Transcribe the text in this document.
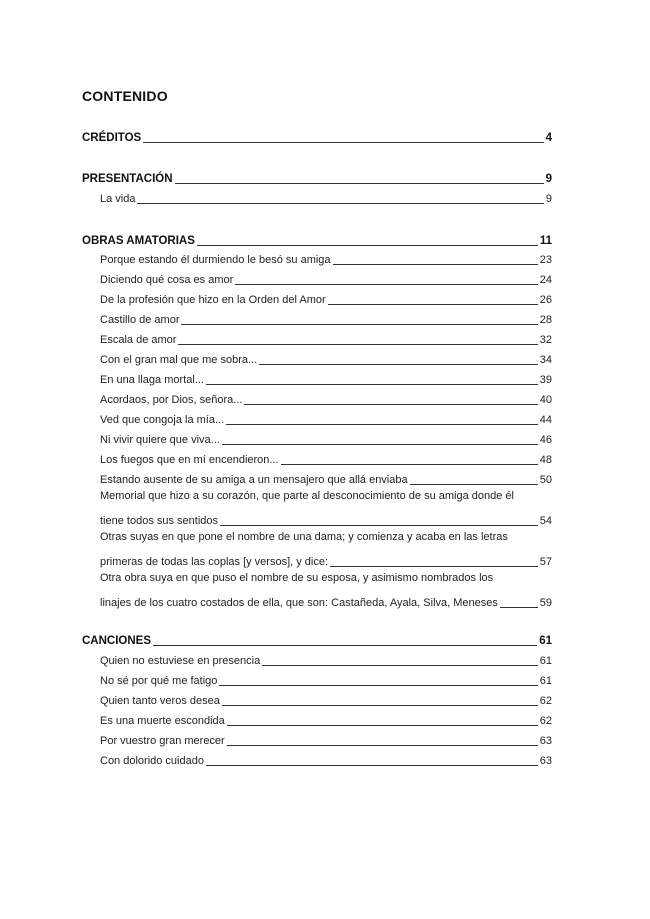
CONTENIDO
CRÉDITOS	4
PRESENTACIÓN	9
La vida	9
OBRAS AMATORIAS	11
Porque estando él durmiendo le besó su amiga	23
Diciendo qué cosa es amor	24
De la profesión que hizo en la Orden del Amor	26
Castillo de amor	28
Escala de amor	32
Con el gran mal que me sobra...	34
En una llaga mortal...	39
Acordaos, por Dios, señora...	40
Ved que congoja la mía...	44
Ni vivir quiere que viva...	46
Los fuegos que en mí encendieron...	48
Estando ausente de su amiga a un mensajero que allá enviaba	50
Memorial que hizo a su corazón, que parte al desconocimiento de su amiga donde él
tiene todos sus sentidos	54
Otras suyas en que pone el nombre de una dama; y comienza y acaba en las letras
primeras de todas las coplas [y versos], y dice:	57
Otra obra suya en que puso el nombre de su esposa, y asimismo nombrados los
linajes de los cuatro costados de ella, que son: Castañeda, Ayala, Silva, Meneses	59
CANCIONES	61
Quien no estuviese en presencia	61
No sé por qué me fatigo	61
Quien tanto veros desea	62
Es una muerte escondida	62
Por vuestro gran merecer	63
Con dolorido cuidado	63
